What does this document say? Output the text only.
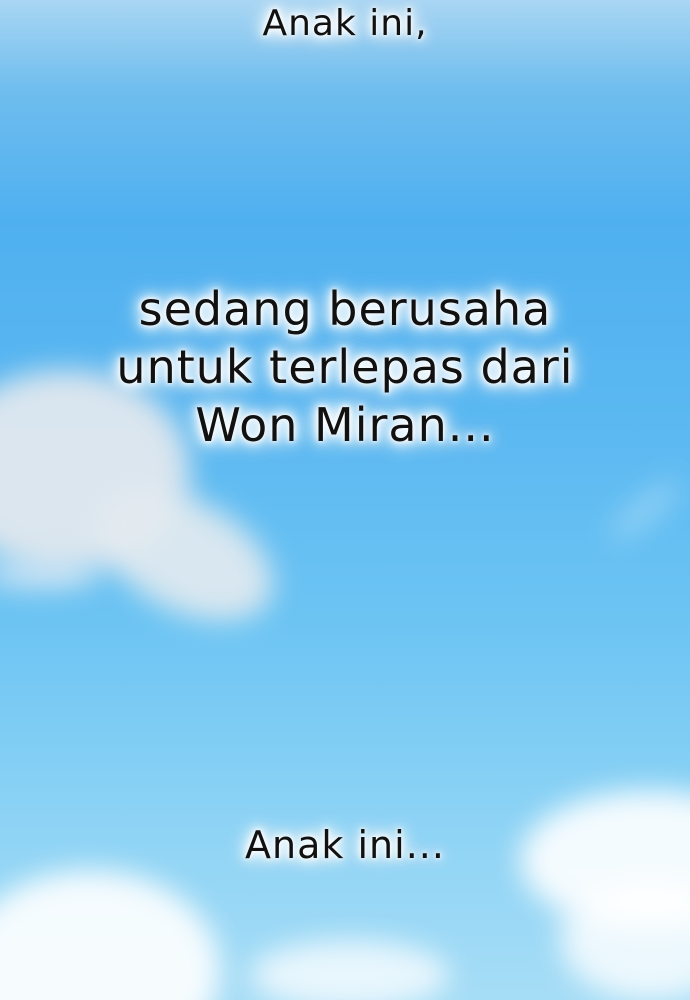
Anak ini,
sedang berusaha
untuk terlepas dari
Won Miran...
Anak ini...
